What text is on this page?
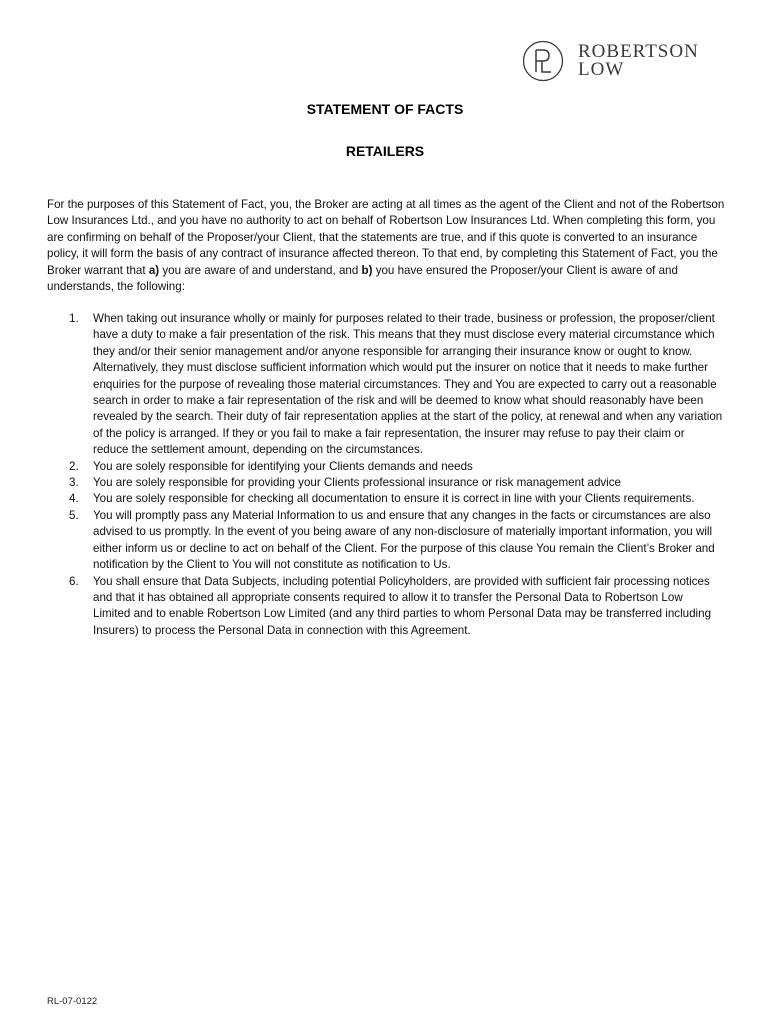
ROBERTSON
LOW
STATEMENT OF FACTS
RETAILERS

For the purposes of this Statement of Fact, you, the Broker are acting at all times as the agent of the Client and not of the Robertson Low Insurances Ltd., and you have no authority to act on behalf of Robertson Low Insurances Ltd. When completing this form, you are confirming on behalf of the Proposer/your Client, that the statements are true, and if this quote is converted to an insurance policy, it will form the basis of any contract of insurance affected thereon. To that end, by completing this Statement of Fact, you the Broker warrant that a) you are aware of and understand, and b) you have ensured the Proposer/your Client is aware of and understands, the following:

1. When taking out insurance wholly or mainly for purposes related to their trade, business or profession, the proposer/client have a duty to make a fair presentation of the risk. This means that they must disclose every material circumstance which they and/or their senior management and/or anyone responsible for arranging their insurance know or ought to know. Alternatively, they must disclose sufficient information which would put the insurer on notice that it needs to make further enquiries for the purpose of revealing those material circumstances. They and You are expected to carry out a reasonable search in order to make a fair representation of the risk and will be deemed to know what should reasonably have been revealed by the search. Their duty of fair representation applies at the start of the policy, at renewal and when any variation of the policy is arranged. If they or you fail to make a fair representation, the insurer may refuse to pay their claim or reduce the settlement amount, depending on the circumstances.
2. You are solely responsible for identifying your Clients demands and needs
3. You are solely responsible for providing your Clients professional insurance or risk management advice
4. You are solely responsible for checking all documentation to ensure it is correct in line with your Clients requirements.
5. You will promptly pass any Material Information to us and ensure that any changes in the facts or circumstances are also advised to us promptly. In the event of you being aware of any non-disclosure of materially important information, you will either inform us or decline to act on behalf of the Client. For the purpose of this clause You remain the Client’s Broker and notification by the Client to You will not constitute as notification to Us.
6. You shall ensure that Data Subjects, including potential Policyholders, are provided with sufficient fair processing notices and that it has obtained all appropriate consents required to allow it to transfer the Personal Data to Robertson Low Limited and to enable Robertson Low Limited (and any third parties to whom Personal Data may be transferred including Insurers) to process the Personal Data in connection with this Agreement.
RL-07-0122
